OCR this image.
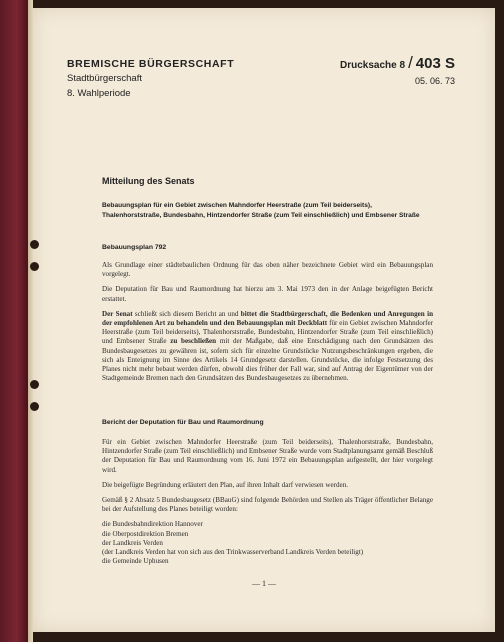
BREMISCHE BÜRGERSCHAFT
Stadtbürgerschaft
8. Wahlperiode
Drucksache 8 / 403 S
05. 06. 73
Mitteilung des Senats
Bebauungsplan für ein Gebiet zwischen Mahndorfer Heerstraße (zum Teil beiderseits), Thalenhorststraße, Bundesbahn, Hintzendorfer Straße (zum Teil einschließlich) und Embsener Straße
Bebauungsplan 792

Als Grundlage einer städtebaulichen Ordnung für das oben näher bezeichnete Gebiet wird ein Bebauungsplan vorgelegt.

Die Deputation für Bau und Raumordnung hat hierzu am 3. Mai 1973 den in der Anlage beigefügten Bericht erstattet.

Der Senat schließt sich diesem Bericht an und bittet die Stadtbürgerschaft, die Bedenken und Anregungen in der empfohlenen Art zu behandeln und den Bebauungsplan mit Deckblatt für ein Gebiet zwischen Mahndorfer Heerstraße (zum Teil beiderseits), Thalenhorststraße, Bundesbahn, Hintzendorfer Straße (zum Teil einschließlich) und Embsener Straße zu beschließen mit der Maßgabe, daß eine Entschädigung nach den Grundsätzen des Bundesbaugesetzes zu gewähren ist, sofern sich für einzelne Grundstücke Nutzungsbeschränkungen ergeben, die sich als Enteignung im Sinne des Artikels 14 Grundgesetz darstellen. Grundstücke, die infolge Festsetzung des Planes nicht mehr bebaut werden dürfen, obwohl dies früher der Fall war, sind auf Antrag der Eigentümer von der Stadtgemeinde Bremen nach den Grundsätzen des Bundesbaugesetzes zu übernehmen.

Bericht der Deputation für Bau und Raumordnung

Für ein Gebiet zwischen Mahndorfer Heerstraße (zum Teil beiderseits), Thalenhorststraße, Bundesbahn, Hintzendorfer Straße (zum Teil einschließlich) und Embsener Straße wurde vom Stadtplanungsamt gemäß Beschluß der Deputation für Bau und Raumordnung vom 16. Juni 1972 ein Bebauungsplan aufgestellt, der hier vorgelegt wird.

Die beigefügte Begründung erläutert den Plan, auf ihren Inhalt darf verwiesen werden.

Gemäß § 2 Absatz 5 Bundesbaugesetz (BBauG) sind folgende Behörden und Stellen als Träger öffentlicher Belange bei der Aufstellung des Planes beteiligt worden:

die Bundesbahndirektion Hannover
die Oberpostdirektion Bremen
der Landkreis Verden
(der Landkreis Verden hat von sich aus den Trinkwasserverband Landkreis Verden beteiligt)
die Gemeinde Uphusen
— 1 —
